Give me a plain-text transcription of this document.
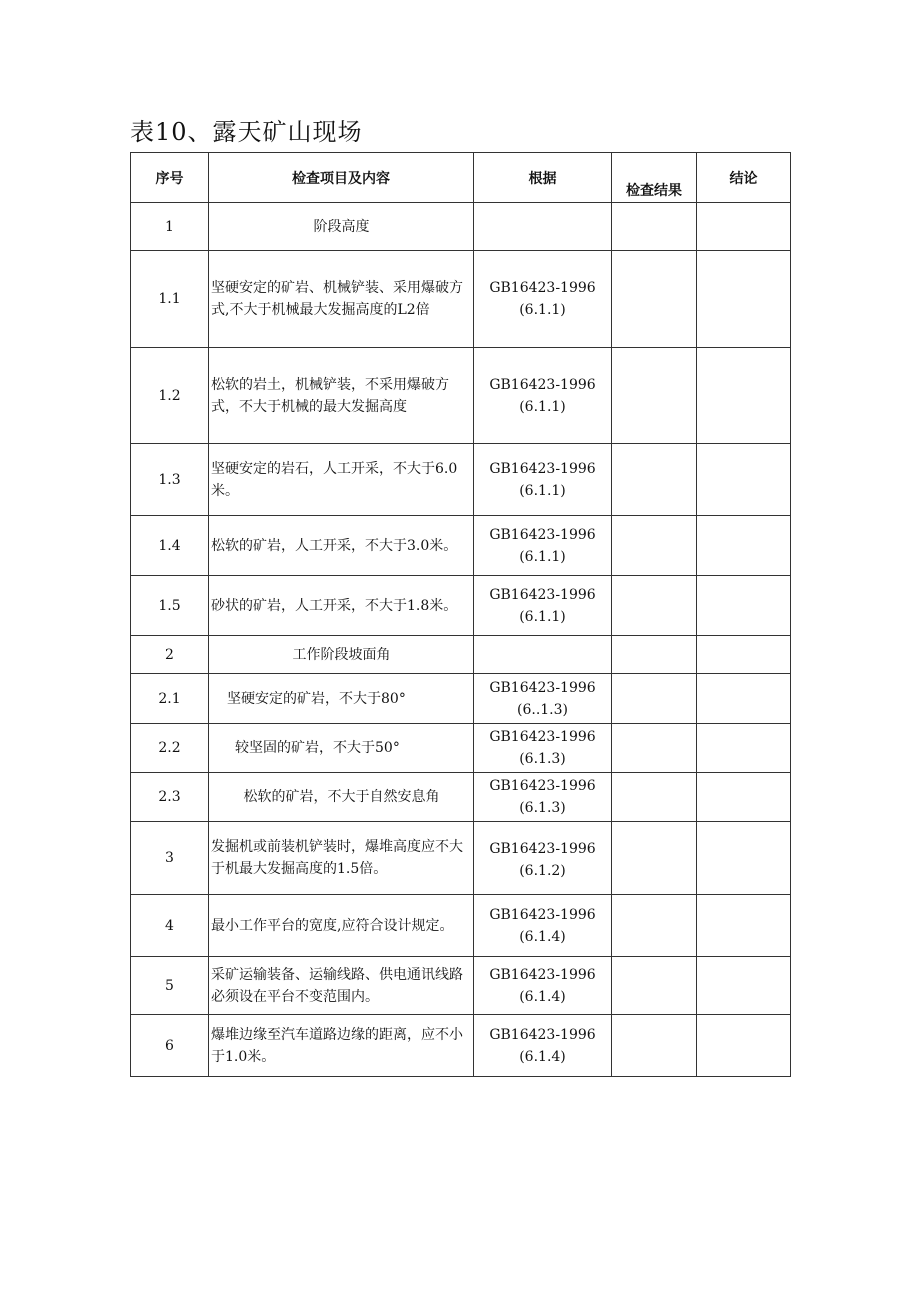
表10、露天矿山现场
序号	检查项目及内容	根据	检查结果	结论
1	阶段高度			
1.1	坚硬安定的矿岩、机械铲装、采用爆破方式,不大于机械最大发掘高度的L2倍	GB16423-1996
(6.1.1)		

1.2	松软的岩土，机械铲装，不采用爆破方式，不大于机械的最大发掘高度	GB16423-1996
(6.1.1)		

1.3	坚硬安定的岩石，人工开采，不大于6.0米。	GB16423-1996
(6.1.1)		

1.4	松软的矿岩，人工开采，不大于3.0米。	GB16423-1996
(6.1.1)		

1.5	砂状的矿岩，人工开采，不大于1.8米。	GB16423-1996
(6.1.1)		

2	工作阶段坡面角			
2.1	坚硬安定的矿岩，不大于80°	GB16423-1996
(6..1.3)		

2.2	较坚固的矿岩，不大于50°	GB16423-1996
(6.1.3)		

2.3	松软的矿岩，不大于自然安息角	GB16423-1996
(6.1.3)		

3	发掘机或前装机铲装时，爆堆高度应不大于机最大发掘高度的1.5倍。	GB16423-1996
(6.1.2)		

4	最小工作平台的宽度,应符合设计规定。	GB16423-1996
(6.1.4)		

5	采矿运输装备、运输线路、供电通讯线路必须设在平台不变范围内。	GB16423-1996
(6.1.4)		

6	爆堆边缘至汽车道路边缘的距离，应不小于1.0米。	GB16423-1996
(6.1.4)		
